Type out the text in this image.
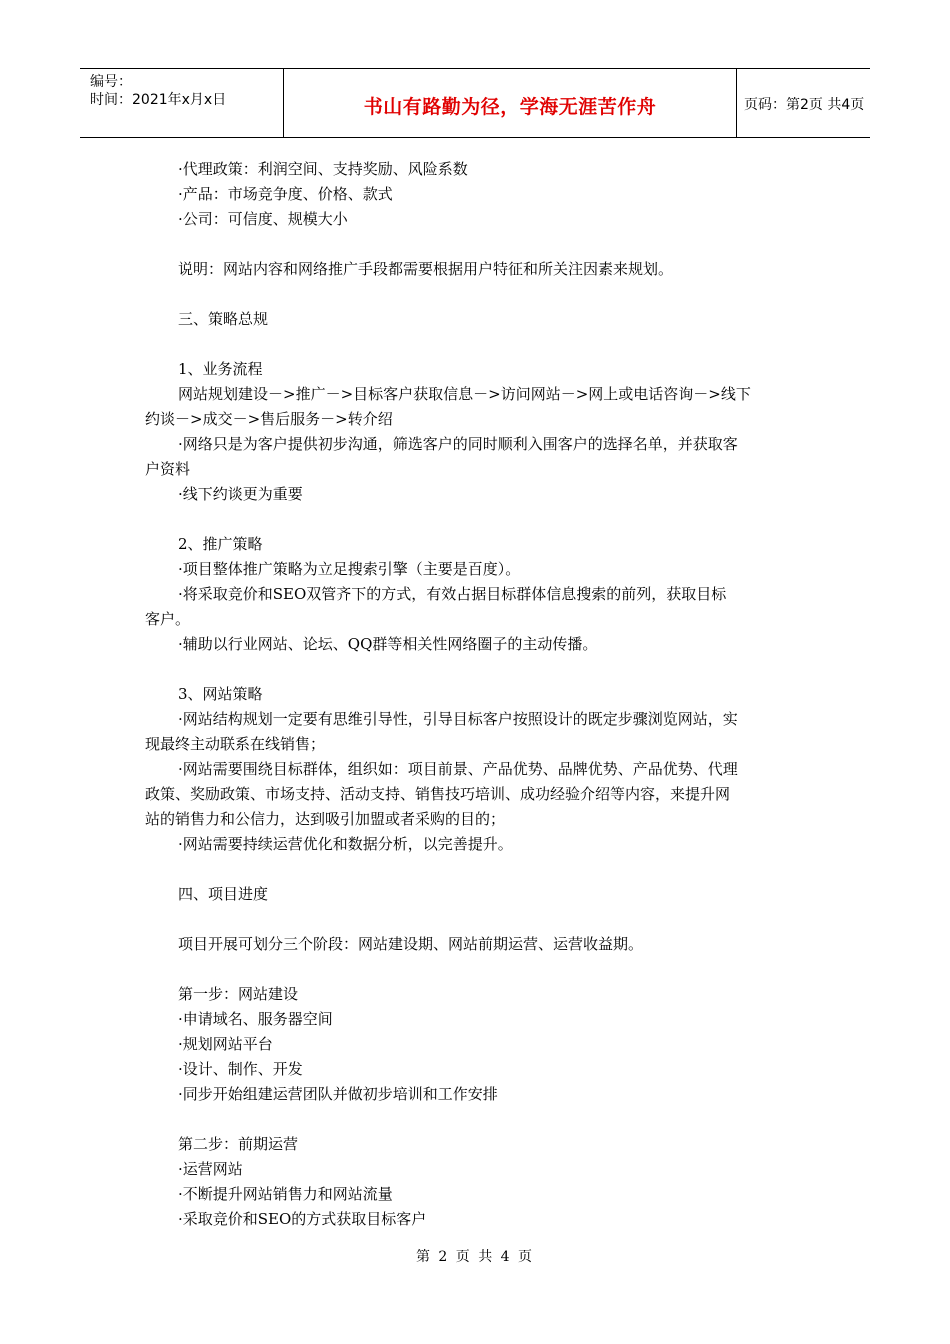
编号：
时间：2021年x月x日	书山有路勤为径，学海无涯苦作舟	页码：第2页 共4页
·代理政策：利润空间、支持奖励、风险系数
·产品：市场竞争度、价格、款式
·公司：可信度、规模大小
说明：网站内容和网络推广手段都需要根据用户特征和所关注因素来规划。
三、策略总规
1、业务流程
网站规划建设－>推广－>目标客户获取信息－>访问网站－>网上或电话咨询－>线下
约谈－>成交－>售后服务－>转介绍
·网络只是为客户提供初步沟通，筛选客户的同时顺利入围客户的选择名单，并获取客
户资料
·线下约谈更为重要
2、推广策略
·项目整体推广策略为立足搜索引擎（主要是百度）。
·将采取竞价和SEO双管齐下的方式，有效占据目标群体信息搜索的前列，获取目标
客户。
·辅助以行业网站、论坛、QQ群等相关性网络圈子的主动传播。
3、网站策略
·网站结构规划一定要有思维引导性，引导目标客户按照设计的既定步骤浏览网站，实
现最终主动联系在线销售；
·网站需要围绕目标群体，组织如：项目前景、产品优势、品牌优势、产品优势、代理
政策、奖励政策、市场支持、活动支持、销售技巧培训、成功经验介绍等内容，来提升网
站的销售力和公信力，达到吸引加盟或者采购的目的；
·网站需要持续运营优化和数据分析，以完善提升。
四、项目进度
项目开展可划分三个阶段：网站建设期、网站前期运营、运营收益期。
第一步：网站建设
·申请域名、服务器空间
·规划网站平台
·设计、制作、开发
·同步开始组建运营团队并做初步培训和工作安排
第二步：前期运营
·运营网站
·不断提升网站销售力和网站流量
·采取竞价和SEO的方式获取目标客户
第 2 页 共 4 页
